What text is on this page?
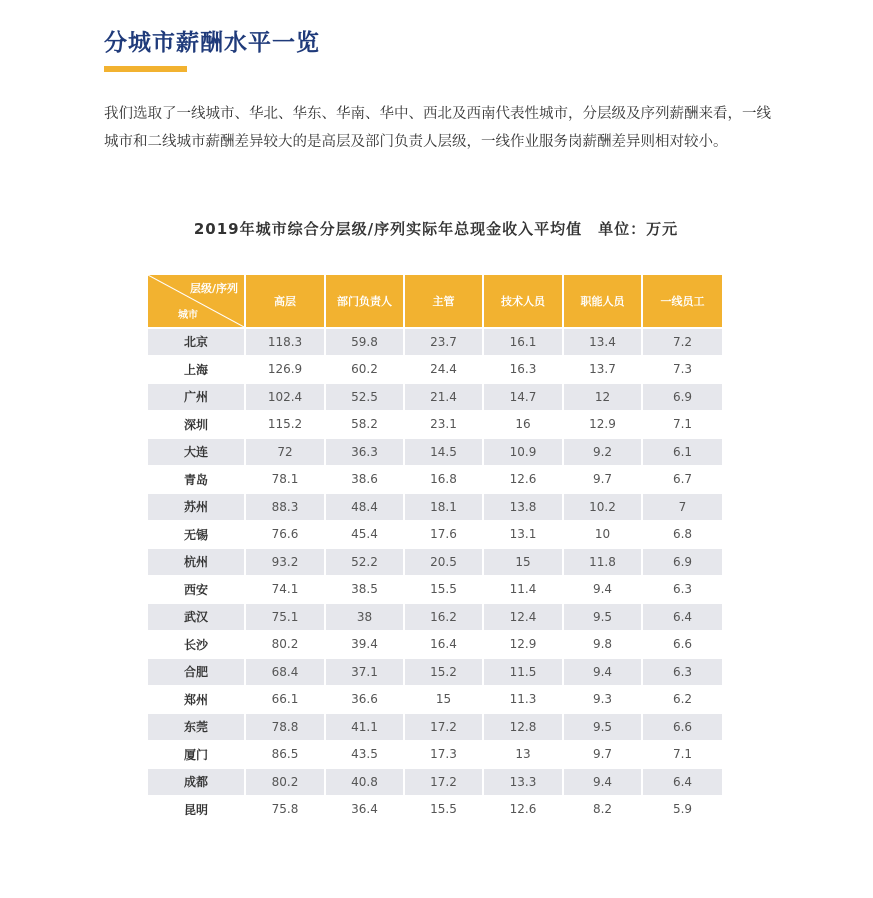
分城市薪酬水平一览

我们选取了一线城市、华北、华东、华南、华中、西北及西南代表性城市，分层级及序列薪酬来看，一线城市和二线城市薪酬差异较大的是高层及部门负责人层级，一线作业服务岗薪酬差异则相对较小。

2019年城市综合分层级/序列实际年总现金收入平均值　单位：万元
层级/序列
城市	高层	部门负责人	主管	技术人员	职能人员	一线员工
北京	118.3	59.8	23.7	16.1	13.4	7.2
上海	126.9	60.2	24.4	16.3	13.7	7.3
广州	102.4	52.5	21.4	14.7	12	6.9
深圳	115.2	58.2	23.1	16	12.9	7.1
大连	72	36.3	14.5	10.9	9.2	6.1
青岛	78.1	38.6	16.8	12.6	9.7	6.7
苏州	88.3	48.4	18.1	13.8	10.2	7
无锡	76.6	45.4	17.6	13.1	10	6.8
杭州	93.2	52.2	20.5	15	11.8	6.9
西安	74.1	38.5	15.5	11.4	9.4	6.3
武汉	75.1	38	16.2	12.4	9.5	6.4
长沙	80.2	39.4	16.4	12.9	9.8	6.6
合肥	68.4	37.1	15.2	11.5	9.4	6.3
郑州	66.1	36.6	15	11.3	9.3	6.2
东莞	78.8	41.1	17.2	12.8	9.5	6.6
厦门	86.5	43.5	17.3	13	9.7	7.1
成都	80.2	40.8	17.2	13.3	9.4	6.4
昆明	75.8	36.4	15.5	12.6	8.2	5.9
